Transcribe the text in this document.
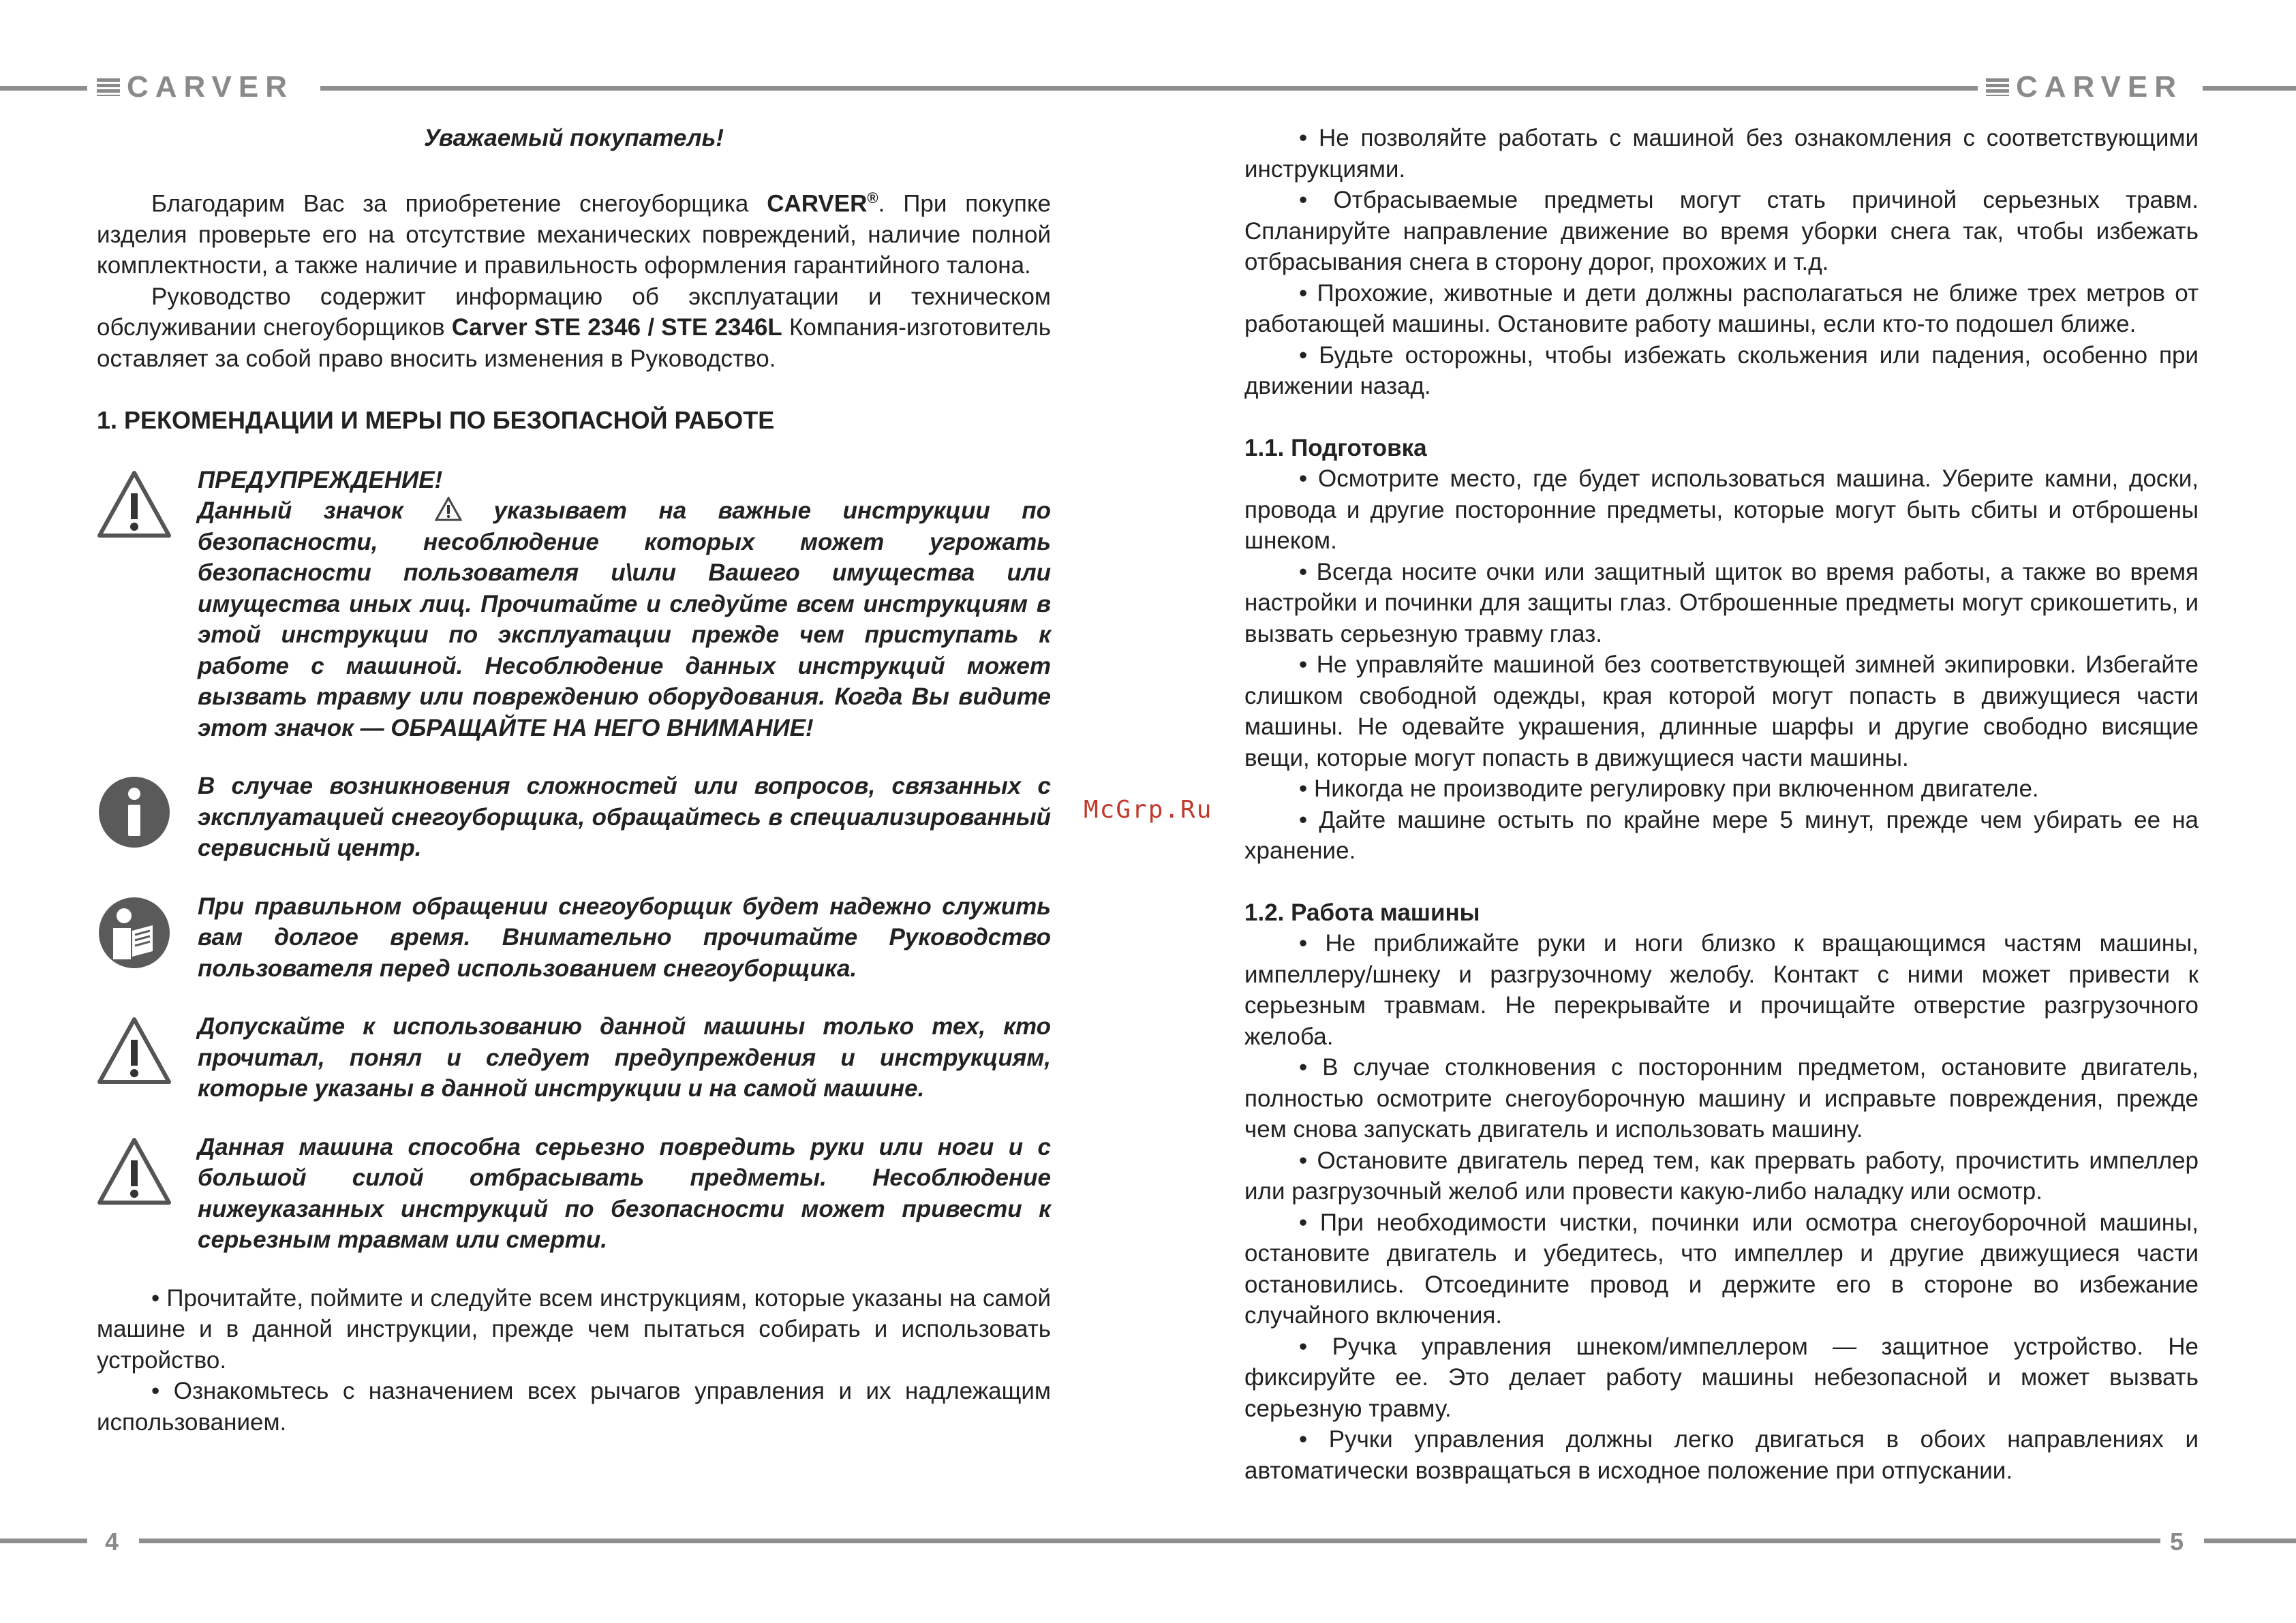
CARVER

Уважаемый покупатель!

Благодарим Вас за приобретение снегоуборщика CARVER®. При покупке изделия проверьте его на отсутствие механических повреждений, наличие полной комплектности, а также наличие и правильность оформления гарантийного талона.

Руководство содержит информацию об эксплуатации и техническом обслуживании снегоуборщиков Carver STE 2346 / STE 2346L Компания-изготовитель оставляет за собой право вносить изменения в Руководство.

1. РЕКОМЕНДАЦИИ И МЕРЫ ПО БЕЗОПАСНОЙ РАБОТЕ

ПРЕДУПРЕЖДЕНИЕ!
Данный значок  указывает на важные инструкции по безопасности, несоблюдение которых может угрожать безопасности пользователя и\или Вашего имущества или имущества иных лиц. Прочитайте и следуйте всем инструкциям в этой инструкции по эксплуатации прежде чем приступать к работе с машиной. Несоблюдение данных инструкций может вызвать травму или повреждению оборудования. Когда Вы видите этот значок — ОБРАЩАЙТЕ НА НЕГО ВНИМАНИЕ!
В случае возникновения сложностей или вопросов, связанных с эксплуатацией снегоуборщика, обращайтесь в специализированный сервисный центр.
При правильном обращении снегоуборщик будет надежно служить вам долгое время. Внимательно прочитайте Руководство пользователя перед использованием снегоуборщика.
Допускайте к использованию данной машины только тех, кто прочитал, понял и следует предупреждения и инструкциям, которые указаны в данной инструкции и на самой машине.
Данная машина способна серьезно повредить руки или ноги и с большой силой отбрасывать предметы. Несоблюдение нижеуказанных инструкций по безопасности может привести к серьезным травмам или смерти.

• Прочитайте, поймите и следуйте всем инструкциям, которые указаны на самой машине и в данной инструкции, прежде чем пытаться собирать и использовать устройство.

• Ознакомьтесь с назначением всех рычагов управления и их надлежащим использованием.

4
CARVER

• Не позволяйте работать с машиной без ознакомления с соответствующими инструкциями.

• Отбрасываемые предметы могут стать причиной серьезных травм. Спланируйте направление движение во время уборки снега так, чтобы избежать отбрасывания снега в сторону дорог, прохожих и т.д.

• Прохожие, животные и дети должны располагаться не ближе трех метров от работающей машины. Остановите работу машины, если кто-то подошел ближе.

• Будьте осторожны, чтобы избежать скольжения или падения, особенно при движении назад.

1.1. Подготовка

• Осмотрите место, где будет использоваться машина. Уберите камни, доски, провода и другие посторонние предметы, которые могут быть сбиты и отброшены шнеком.

• Всегда носите очки или защитный щиток во время работы, а также во время настройки и починки для защиты глаз. Отброшенные предметы могут срикошетить, и вызвать серьезную травму глаз.

• Не управляйте машиной без соответствующей зимней экипировки. Избегайте слишком свободной одежды, края которой могут попасть в движущиеся части машины. Не одевайте украшения, длинные шарфы и другие свободно висящие вещи, которые могут попасть в движущиеся части машины.

• Никогда не производите регулировку при включенном двигателе.

• Дайте машине остыть по крайне мере 5 минут, прежде чем убирать ее на хранение.

1.2. Работа машины

• Не приближайте руки и ноги близко к вращающимся частям машины, импеллеру/шнеку и разгрузочному желобу. Контакт с ними может привести к серьезным травмам. Не перекрывайте и прочищайте отверстие разгрузочного желоба.

• В случае столкновения с посторонним предметом, остановите двигатель, полностью осмотрите снегоуборочную машину и исправьте повреждения, прежде чем снова запускать двигатель и использовать машину.

• Остановите двигатель перед тем, как прервать работу, прочистить импеллер или разгрузочный желоб или провести какую-либо наладку или осмотр.

• При необходимости чистки, починки или осмотра снегоуборочной машины, остановите двигатель и убедитесь, что импеллер и другие движущиеся части остановились. Отсоедините провод и держите его в стороне во избежание случайного включения.

• Ручка управления шнеком/импеллером — защитное устройство. Не фиксируйте ее. Это делает работу машины небезопасной и может вызвать серьезную травму.

• Ручки управления должны легко двигаться в обоих направлениях и автоматически возвращаться в исходное положение при отпускании.

5
McGrp.Ru
